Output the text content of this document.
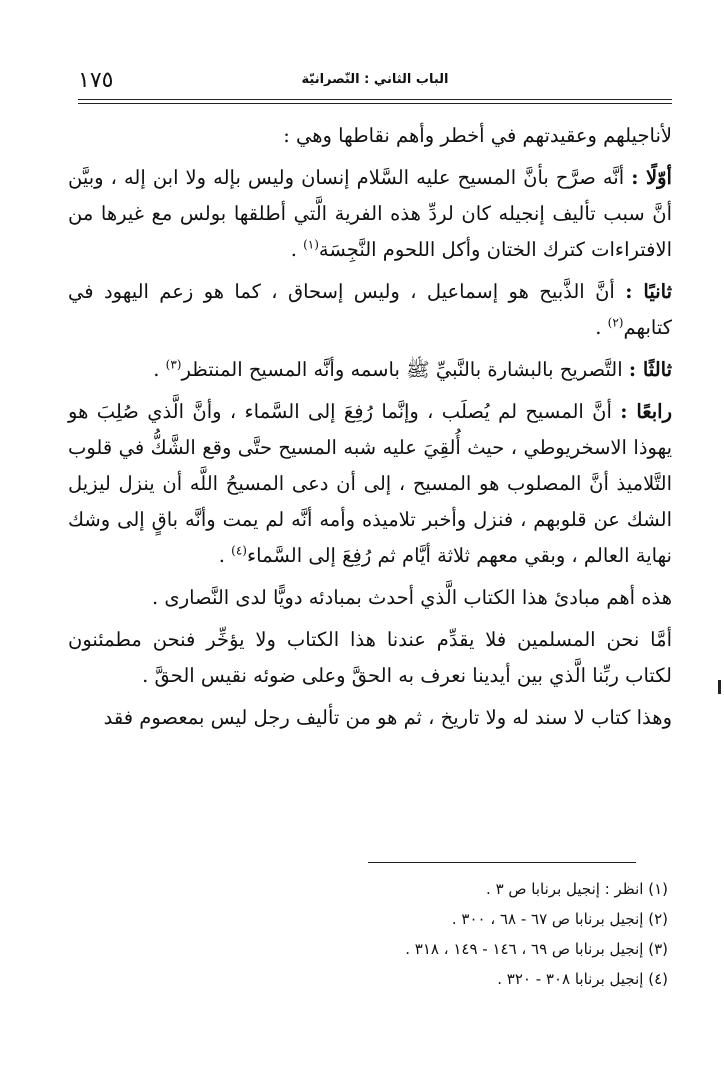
١٧٥	الباب الثاني : النّصرانيّة

لأناجيلهم وعقيدتهم في أخطر وأهم نقاطها وهي :

أوّلًا : أنَّه صرَّح بأنَّ المسيح عليه السَّلام إنسان وليس بإله ولا ابن إله ، وبيَّن أنَّ سبب تأليف إنجيله كان لردِّ هذه الفرية الَّتي أطلقها بولس مع غيرها من الافتراءات كترك الختان وأكل اللحوم النَّجِسَة$^{(١)}$ .

ثانيًا : أنَّ الذَّبيح هو إسماعيل ، وليس إسحاق ، كما هو زعم اليهود في كتابهم$^{(٢)}$ .

ثالثًا : التَّصريح بالبشارة بالنَّبيِّ ﷺ باسمه وأنَّه المسيح المنتظر$^{(٣)}$ .

رابعًا : أنَّ المسيح لم يُصلَب ، وإنَّما رُفِعَ إلى السَّماء ، وأنَّ الَّذي صُلِبَ هو يهوذا الاسخريوطي ، حيث أُلقِيَ عليه شبه المسيح حتَّى وقع الشَّكُّ في قلوب التَّلاميذ أنَّ المصلوب هو المسيح ، إلى أن دعى المسيحُ اللَّه أن ينزل ليزيل الشك عن قلوبهم ، فنزل وأخبر تلاميذه وأمه أنَّه لم يمت وأنَّه باقٍ إلى وشك نهاية العالم ، وبقي معهم ثلاثة أيَّام ثم رُفِعَ إلى السَّماء$^{(٤)}$ .

هذه أهم مبادئ هذا الكتاب الَّذي أحدث بمبادئه دويًّا لدى النَّصارى .

أمَّا نحن المسلمين فلا يقدِّم عندنا هذا الكتاب ولا يؤخِّر فنحن مطمئنون لكتاب ربِّنا الَّذي بين أيدينا نعرف به الحقَّ وعلى ضوئه نقيس الحقَّ .

وهذا كتاب لا سند له ولا تاريخ ، ثم هو من تأليف رجل ليس بمعصوم فقد

(١) انظر : إنجيل برنابا ص ٣ .
(٢) إنجيل برنابا ص ٦٧ - ٦٨ ، ٣٠٠ .
(٣) إنجيل برنابا ص ٦٩ ، ١٤٦ - ١٤٩ ، ٣١٨ .
(٤) إنجيل برنابا ٣٠٨ - ٣٢٠ .
